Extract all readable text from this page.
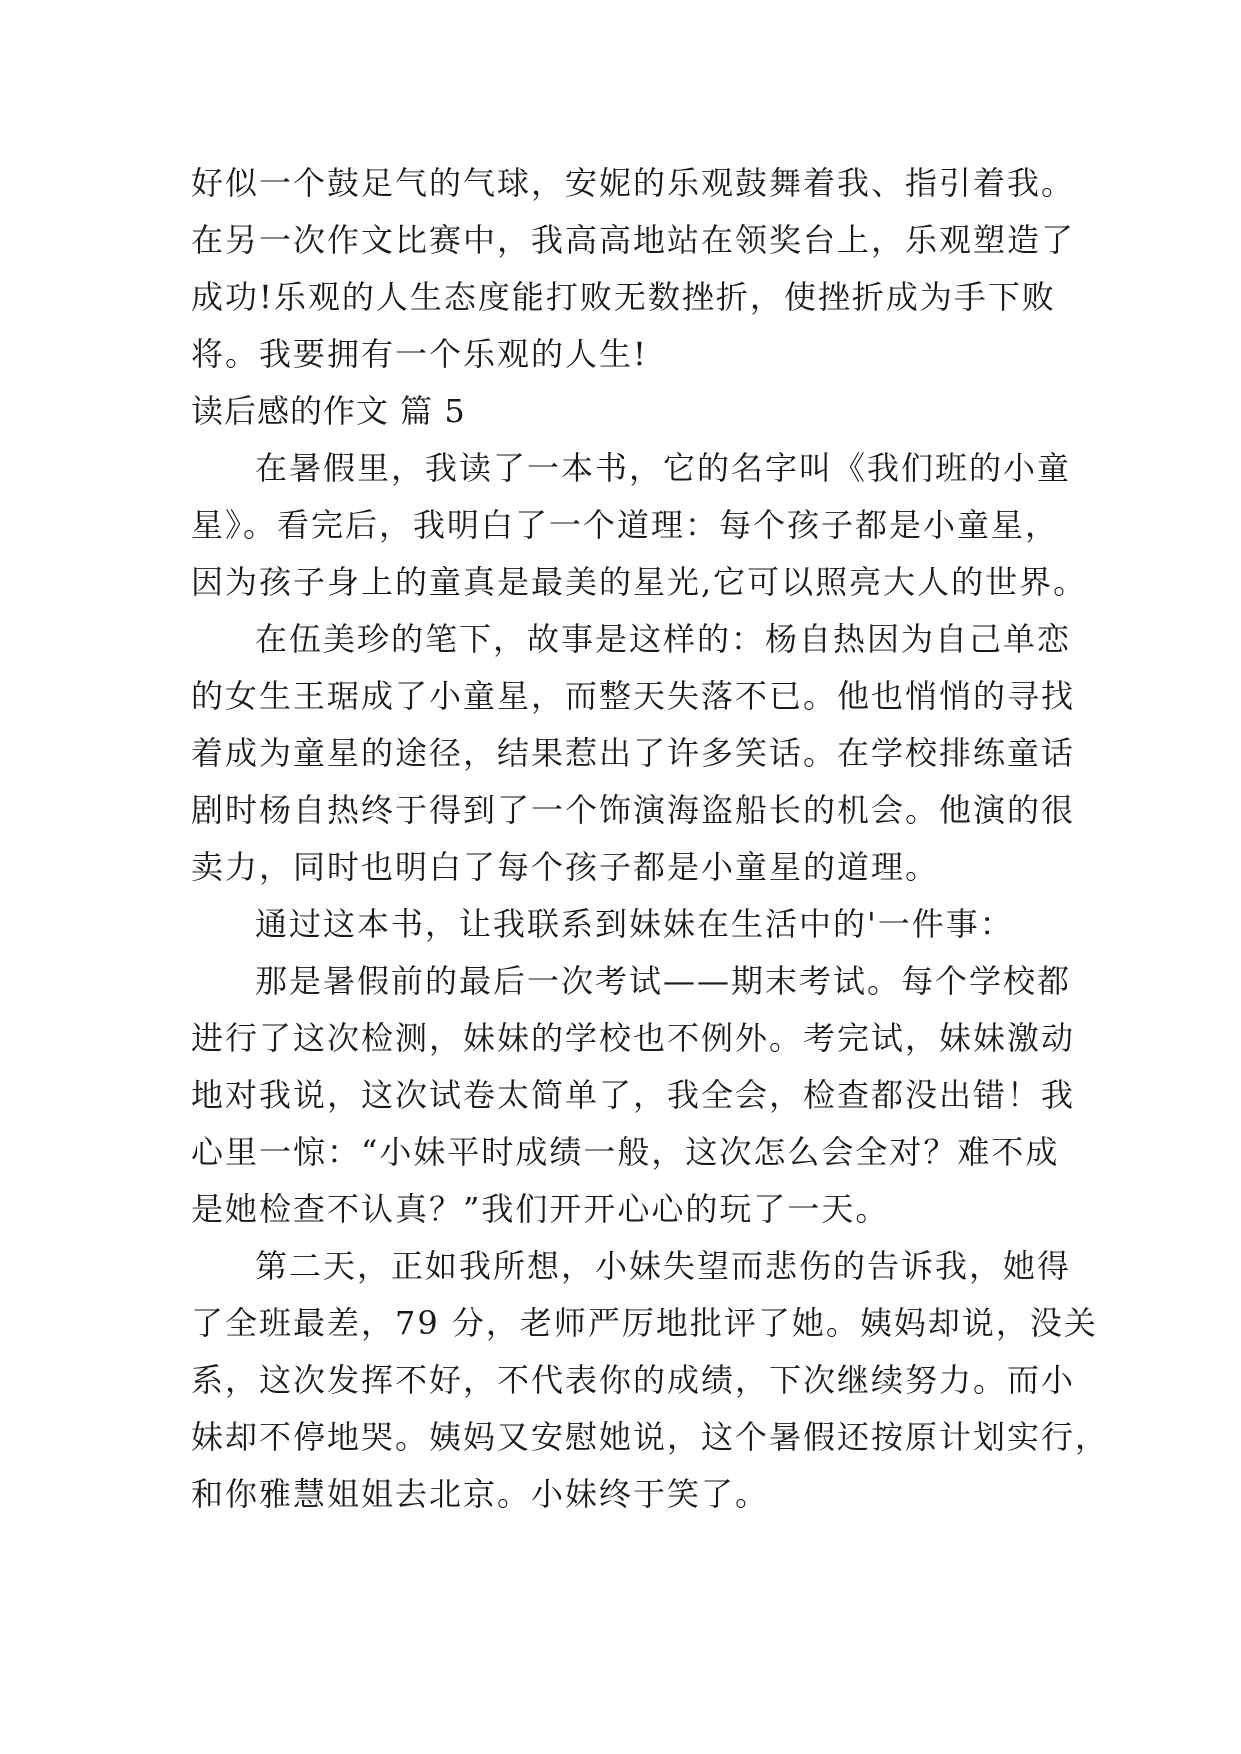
好似一个鼓足气的气球，安妮的乐观鼓舞着我、指引着我。
在另一次作文比赛中，我高高地站在领奖台上，乐观塑造了
成功!乐观的人生态度能打败无数挫折，使挫折成为手下败
将。我要拥有一个乐观的人生!
读后感的作文 篇 5
在暑假里，我读了一本书，它的名字叫《我们班的小童
星》。看完后，我明白了一个道理：每个孩子都是小童星，
因为孩子身上的童真是最美的星光,它可以照亮大人的世界。
在伍美珍的笔下，故事是这样的：杨自热因为自己单恋
的女生王琚成了小童星，而整天失落不已。他也悄悄的寻找
着成为童星的途径，结果惹出了许多笑话。在学校排练童话
剧时杨自热终于得到了一个饰演海盗船长的机会。他演的很
卖力，同时也明白了每个孩子都是小童星的道理。
通过这本书，让我联系到妹妹在生活中的'一件事：
那是暑假前的最后一次考试——期末考试。每个学校都
进行了这次检测，妹妹的学校也不例外。考完试，妹妹激动
地对我说，这次试卷太简单了，我全会，检查都没出错！我
心里一惊：“小妹平时成绩一般，这次怎么会全对？难不成
是她检查不认真？”我们开开心心的玩了一天。
第二天，正如我所想，小妹失望而悲伤的告诉我，她得
了全班最差，79 分，老师严厉地批评了她。姨妈却说，没关
系，这次发挥不好，不代表你的成绩，下次继续努力。而小
妹却不停地哭。姨妈又安慰她说，这个暑假还按原计划实行，
和你雅慧姐姐去北京。小妹终于笑了。
